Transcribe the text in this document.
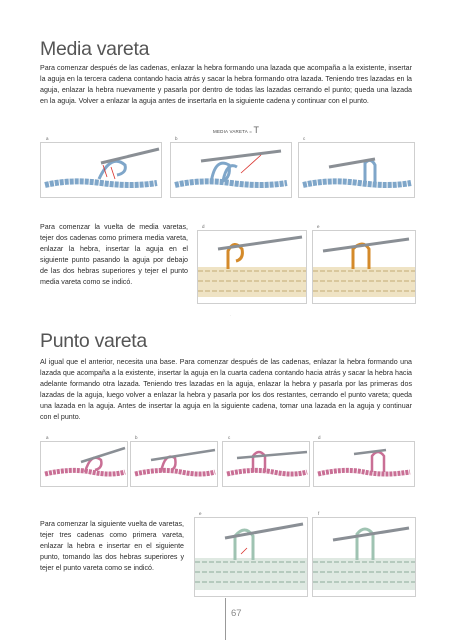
Media vareta

Para comenzar después de las cadenas, enlazar la hebra formando una lazada que acompaña a la existente, insertar la aguja en la tercera cadena contando hacia atrás y sacar la hebra formando otra lazada. Teniendo tres lazadas en la aguja, enlazar la hebra nuevamente y pasarla por dentro de todas las lazadas cerrando el punto; queda una lazada en la aguja. Volver a enlazar la aguja antes de insertarla en la siguiente cadena y continuar con el punto.

MEDIA VARETA = T
a	b	c

Para comenzar la vuelta de media varetas, tejer dos cadenas como primera media vareta, enlazar la hebra, insertar la aguja en el siguiente punto pasando la aguja por debajo de las dos hebras superiores y tejer el punto media vareta como se indicó.

d	e
·
Punto vareta

Al igual que el anterior, necesita una base. Para comenzar después de las cadenas, enlazar la hebra formando una lazada que acompaña a la existente, insertar la aguja en la cuarta cadena contando hacia atrás y sacar la hebra hacia adelante formando otra lazada. Teniendo tres lazadas en la aguja, enlazar la hebra y pasarla por las primeras dos lazadas de la aguja, luego volver a enlazar la hebra y pasarla por los dos restantes, cerrando el punto vareta; queda una lazada en la aguja. Antes de insertar la aguja en la siguiente cadena, tomar una lazada en la aguja y continuar con el punto.

a	b	c	d

Para comenzar la siguiente vuelta de varetas, tejer tres cadenas como primera vareta, enlazar la hebra e insertar en el siguiente punto, tomando las dos hebras superiores y tejer el punto vareta como se indicó.

e	f
67
